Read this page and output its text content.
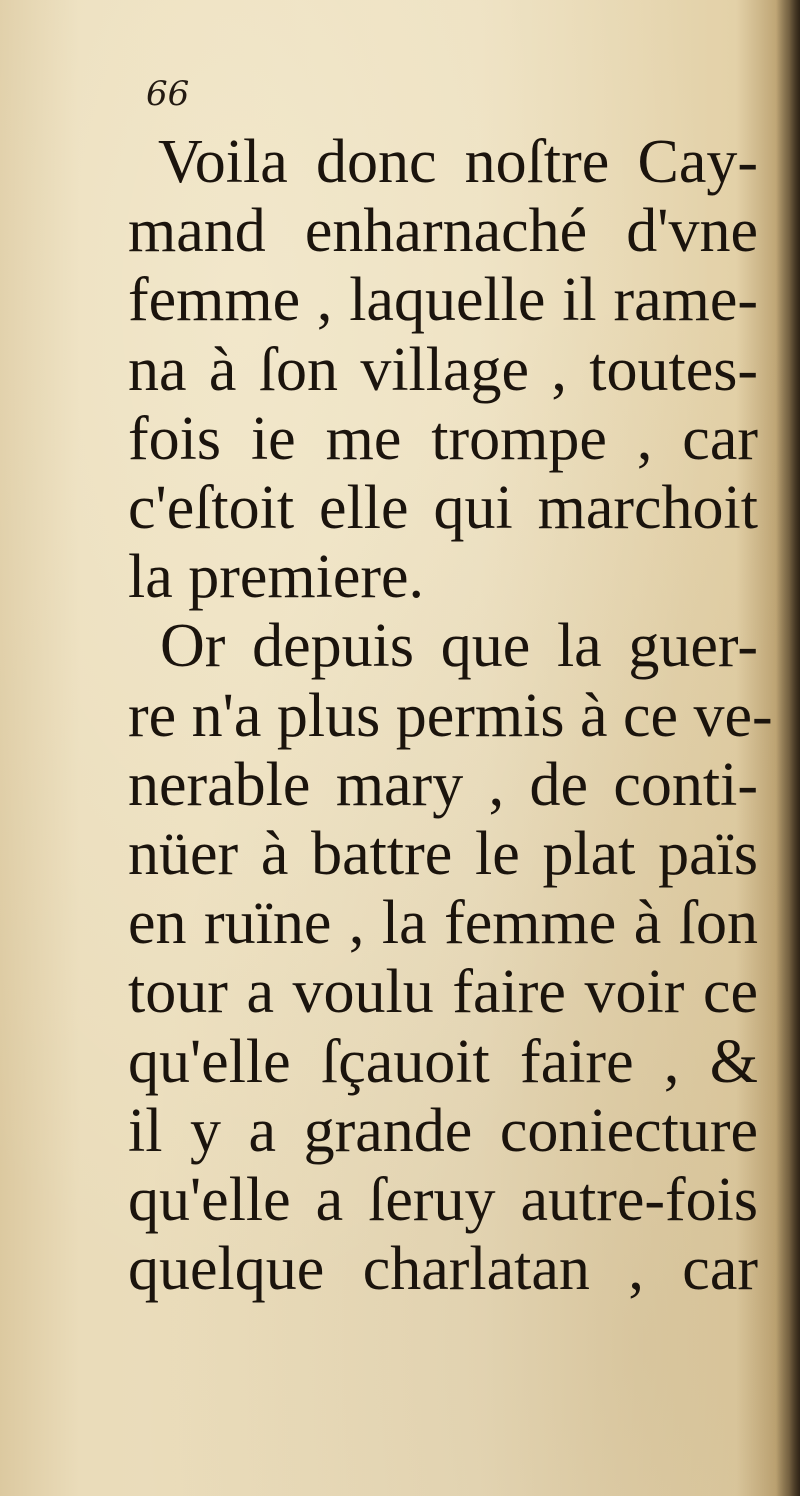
66
Voila donc noſtre Cay-
mand enharnaché d'vne
femme , laquelle il rame-
na à ſon village , toutes-
fois ie me trompe , car
c'eſtoit elle qui marchoit
la premiere.
Or depuis que la guer-
re n'a plus permis à ce ve-
nerable mary , de conti-
nüer à battre le plat païs
en ruïne , la femme à ſon
tour a voulu faire voir ce
qu'elle ſçauoit faire , &
il y a grande coniecture
qu'elle a ſeruy autre-fois
quelque charlatan , car
